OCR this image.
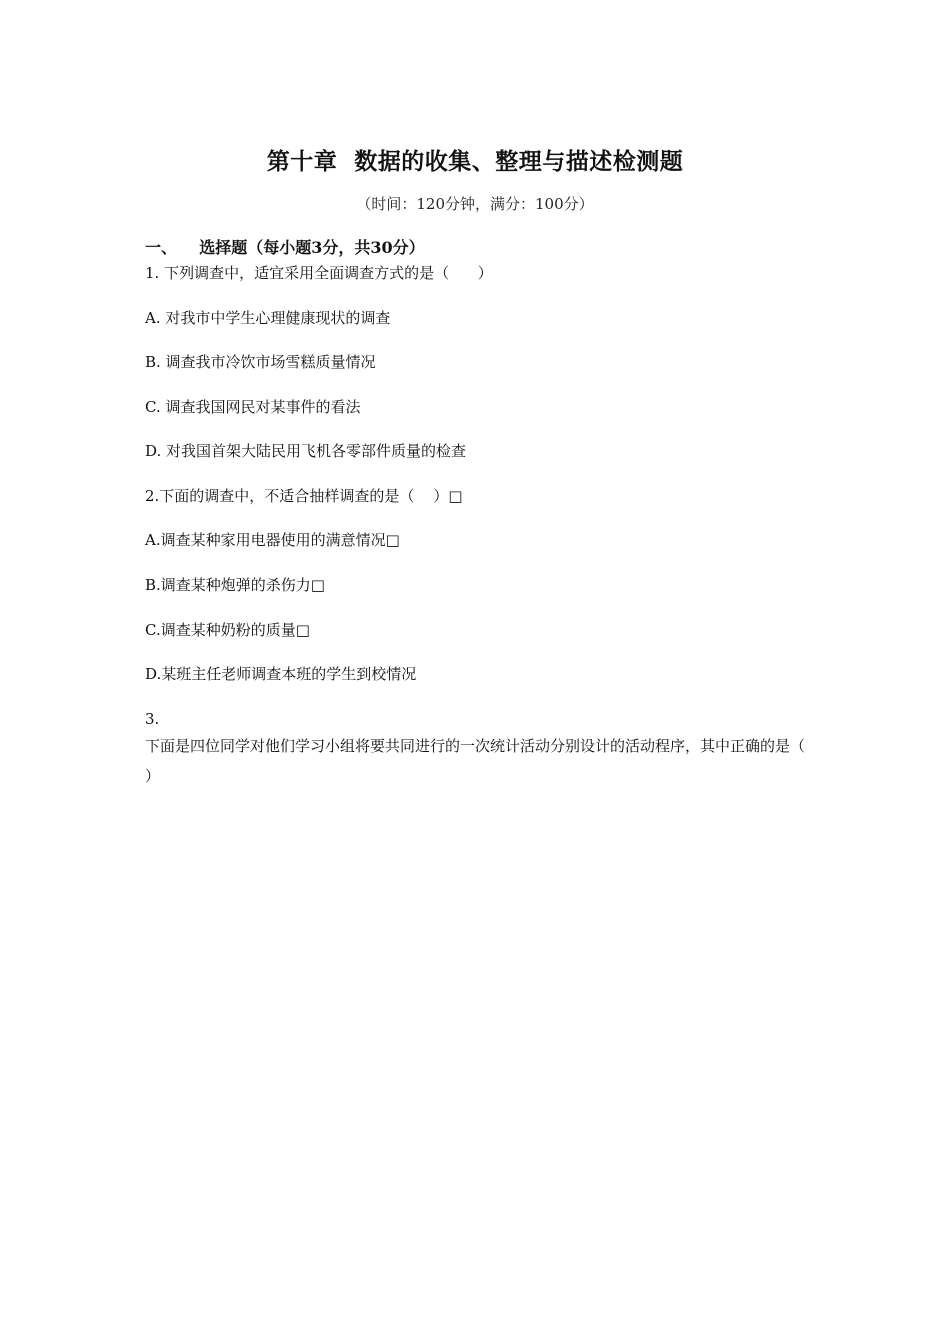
第十章  数据的收集、整理与描述检测题
（时间：120分钟，满分：100分）
一、    选择题（每小题3分，共30分）
1. 下列调查中，适宜采用全面调查方式的是（      ）
A. 对我市中学生心理健康现状的调查
B. 调查我市冷饮市场雪糕质量情况
C. 调查我国网民对某事件的看法
D. 对我国首架大陆民用飞机各零部件质量的检查
2.下面的调查中，不适合抽样调查的是（    ）□
A.调查某种家用电器使用的满意情况□
B.调查某种炮弹的杀伤力□
C.调查某种奶粉的质量□
D.某班主任老师调查本班的学生到校情况
3.
下面是四位同学对他们学习小组将要共同进行的一次统计活动分别设计的活动程序，其中正确的是（ ）
